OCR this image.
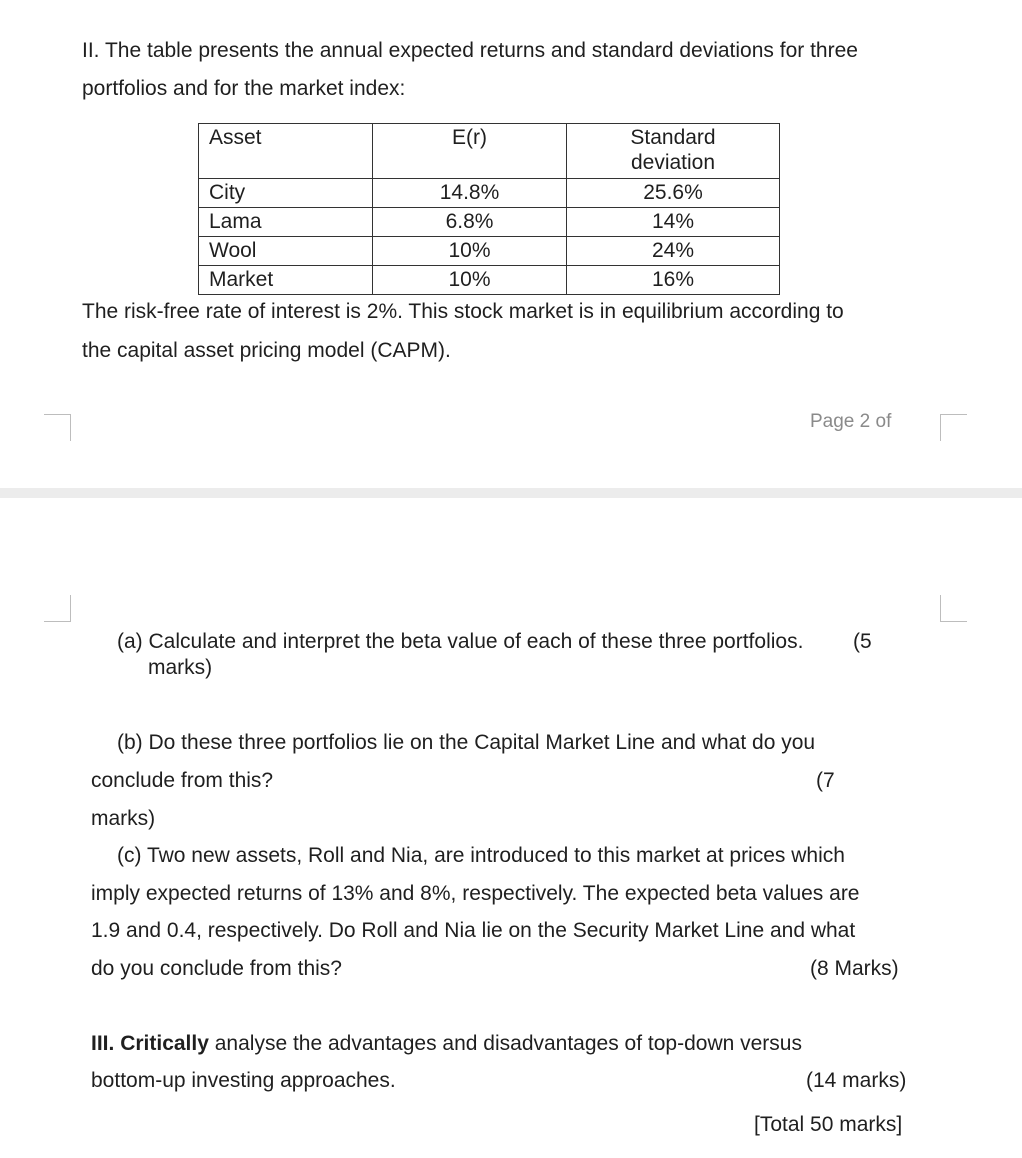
II. The table presents the annual expected returns and standard deviations for three
portfolios and for the market index:
Asset	E(r)	Standard
deviation
City	14.8%	25.6%
Lama	6.8%	14%
Wool	10%	24%
Market	10%	16%
The risk-free rate of interest is 2%. This stock market is in equilibrium according to
the capital asset pricing model (CAPM).
Page 2 of
(a) Calculate and interpret the beta value of each of these three portfolios. (5
marks)
(b) Do these three portfolios lie on the Capital Market Line and what do you
conclude from this?	(7
marks)
(c) Two new assets, Roll and Nia, are introduced to this market at prices which
imply expected returns of 13% and 8%, respectively. The expected beta values are
1.9 and 0.4, respectively. Do Roll and Nia lie on the Security Market Line and what
do you conclude from this?	(8 Marks)
III. Critically analyse the advantages and disadvantages of top-down versus
bottom-up investing approaches.	(14 marks)
[Total 50 marks]
